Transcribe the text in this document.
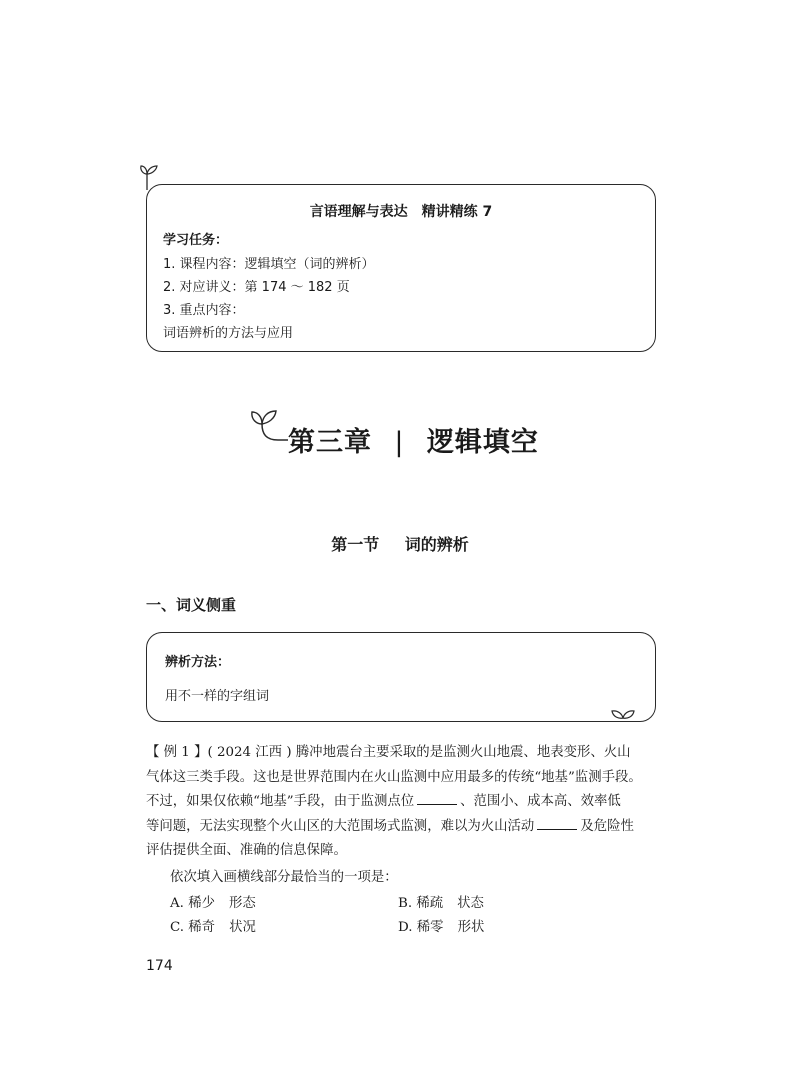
言语理解与表达　精讲精练 7
学习任务：
1. 课程内容：逻辑填空（词的辨析）
2. 对应讲义：第 174 ～ 182 页
3. 重点内容：
词语辨析的方法与应用
第三章 | 逻辑填空
第一节 词的辨析
一、词义侧重
辨析方法：
用不一样的字组词
【 例 1 】( 2024 江西 ) 腾冲地震台主要采取的是监测火山地震、地表变形、火山
气体这三类手段。这也是世界范围内在火山监测中应用最多的传统“地基”监测手段。
不过，如果仅依赖“地基”手段，由于监测点位	、范围小、成本高、效率低
等问题，无法实现整个火山区的大范围场式监测，难以为火山活动	及危险性
评估提供全面、准确的信息保障。
依次填入画横线部分最恰当的一项是：
A. 稀少 形态	B. 稀疏 状态
C. 稀奇 状况	D. 稀零 形状
174
